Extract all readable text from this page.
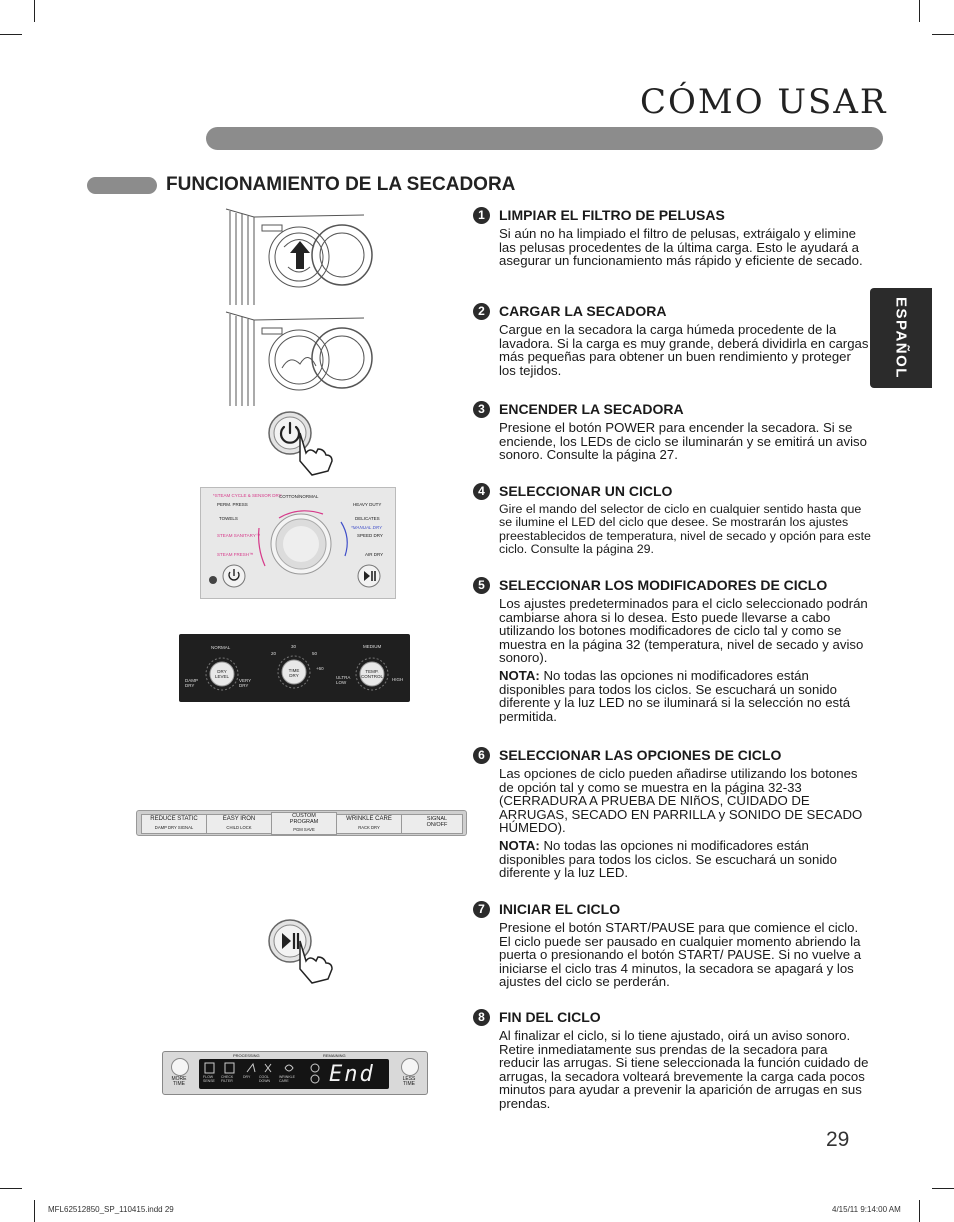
CÓMO USAR
ESPAÑOL
FUNCIONAMIENTO DE LA SECADORA
*STEAM CYCLE & SENSOR DRY
COTTON/NORMAL
PERM. PRESS	HEAVY DUTY
TOWELS	DELICATES
*MANUAL DRY
STEAM SANITARY™	SPEED DRY
STEAM FRESH™	AIR DRY
DRY LEVEL
TIME DRY
TEMP. CONTROL
NORMAL
DAMP DRY
VERY DRY
30
20	50
+60
MEDIUM
ULTRA LOW
HIGH
REDUCE STATIC
DAMP DRY SIGNAL
EASY IRON
CHILD LOCK
CUSTOM PROGRAM
PGM SAVE
WRINKLE CARE
RACK DRY
SIGNAL ON/OFF
MORE TIME
LESS TIME
PROCESSING	REMAINING
FLOW SENSE
CHECK FILTER
DRY	COOL DOWN
WRINKLE CARE	End
1	LIMPIAR EL FILTRO DE PELUSAS
Si aún no ha limpiado el filtro de pelusas, extráigalo y elimine las pelusas procedentes de la última carga. Esto le ayudará a asegurar un funcionamiento más rápido y eficiente de secado.
2	CARGAR LA SECADORA
Cargue en la secadora la carga húmeda procedente de la lavadora. Si la carga es muy grande, deberá dividirla en cargas más pequeñas para obtener un buen rendimiento y proteger los tejidos.
3	ENCENDER LA SECADORA
Presione el botón POWER para encender la secadora. Si se enciende, los LEDs de ciclo se iluminarán y se emitirá un aviso sonoro. Consulte la página 27.
4	SELECCIONAR UN CICLO
Gire el mando del selector de ciclo en cualquier sentido hasta que se ilumine el LED del ciclo que desee. Se mostrarán los ajustes preestablecidos de temperatura, nivel de secado y opción para este ciclo. Consulte la página 29.
5	SELECCIONAR LOS MODIFICADORES DE CICLO
Los ajustes predeterminados para el ciclo seleccionado podrán cambiarse ahora si lo desea. Esto puede llevarse a cabo utilizando los botones modificadores de ciclo tal y como se muestra en la página 32 (temperatura, nivel de secado y aviso sonoro).
NOTA: No todas las opciones ni modificadores están disponibles para todos los ciclos. Se escuchará un sonido diferente y la luz LED no se iluminará si la selección no está permitida.
6	SELECCIONAR LAS OPCIONES DE CICLO
Las opciones de ciclo pueden añadirse utilizando los botones de opción tal y como se muestra en la página 32-33 (CERRADURA A PRUEBA DE NIñOS, CUIDADO DE ARRUGAS, SECADO EN PARRILLA y SONIDO DE SECADO HÚMEDO).
NOTA: No todas las opciones ni modificadores están disponibles para todos los ciclos. Se escuchará un sonido diferente y la luz LED.
7	INICIAR EL CICLO
Presione el botón START/PAUSE para que comience el ciclo. El ciclo puede ser pausado en cualquier momento abriendo la puerta o presionando el botón START/ PAUSE. Si no vuelve a iniciarse el ciclo tras 4 minutos, la secadora se apagará y los ajustes del ciclo se perderán.
8	FIN DEL CICLO
Al finalizar el ciclo, si lo tiene ajustado, oirá un aviso sonoro. Retire inmediatamente sus prendas de la secadora para reducir las arrugas. Si tiene seleccionada la función cuidado de arrugas, la secadora volteará brevemente la carga cada pocos minutos para ayudar a prevenir la aparición de arrugas en sus prendas.
29
MFL62512850_SP_110415.indd 29	4/15/11 9:14:00 AM
